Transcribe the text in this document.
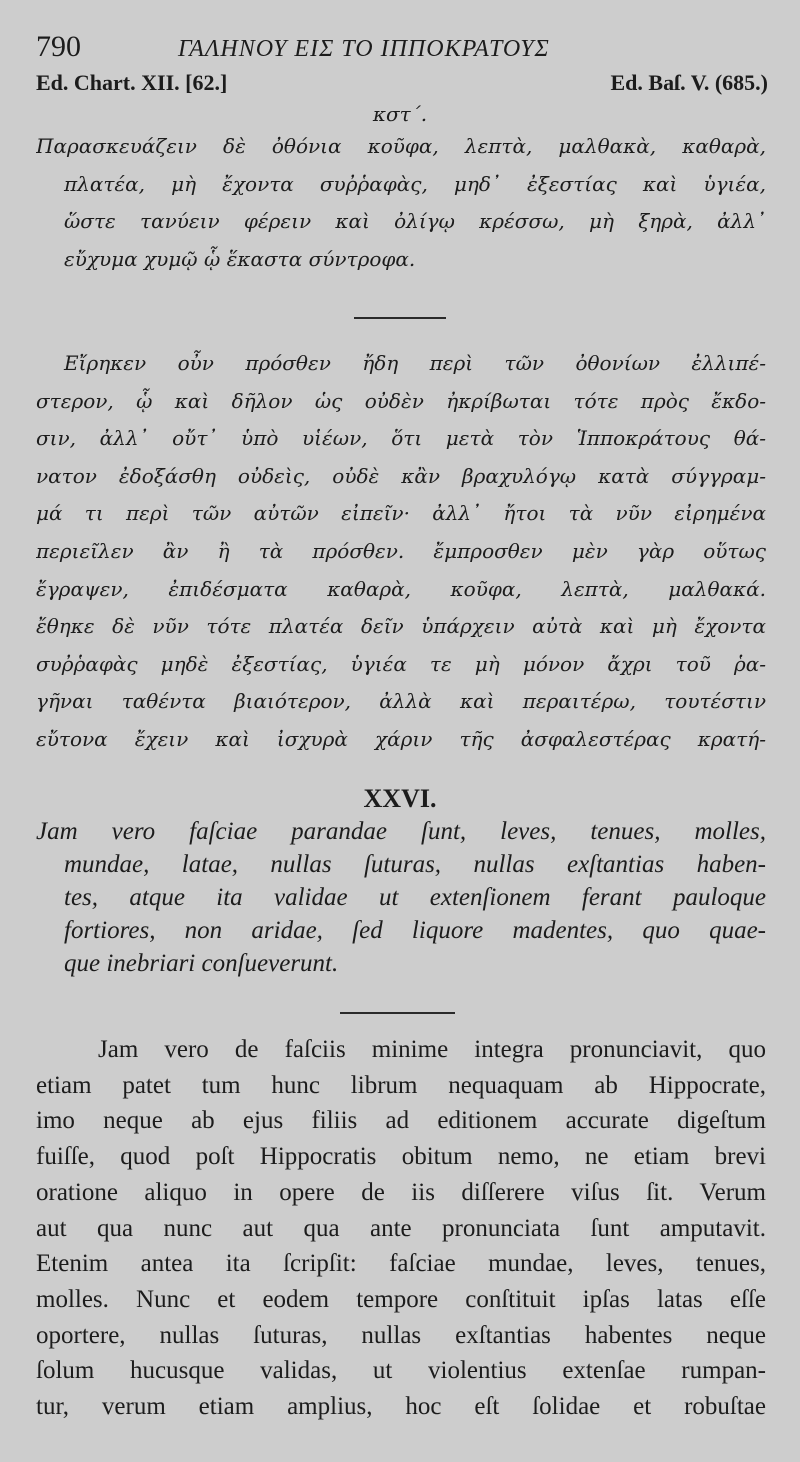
790	ΓΑΛΗΝΟΥ ΕΙΣ ΤΟ ΙΠΠΟΚΡΑΤΟΥΣ
Ed. Chart. XII. [62.]	Ed. Baſ. V. (685.)
κστ΄.
Παρασκευάζειν δὲ ὀθόνια κοῦφα, λεπτὰ, μαλθακὰ, καθαρὰ,
πλατέα, μὴ ἔχοντα συῤῥαφὰς, μηδ᾽ ἐξεστίας καὶ ὑγιέα,
ὥστε τανύειν φέρειν καὶ ὀλίγῳ κρέσσω, μὴ ξηρὰ, ἀλλ᾽
εὔχυμα χυμῷ ᾧ ἕκαστα σύντροφα.
Εἴρηκεν οὖν πρόσθεν ἤδη περὶ τῶν ὀθονίων ἐλλιπέ-
στερον, ᾧ καὶ δῆλον ὡς οὐδὲν ἠκρίβωται τότε πρὸς ἔκδο-
σιν, ἀλλ᾽ οὔτ᾽ ὑπὸ υἱέων, ὅτι μετὰ τὸν Ἱπποκράτους θά-
νατον ἐδοξάσθη οὐδεὶς, οὐδὲ κἂν βραχυλόγῳ κατὰ σύγγραμ-
μά τι περὶ τῶν αὐτῶν εἰπεῖν· ἀλλ᾽ ἤτοι τὰ νῦν εἰρημένα
περιεῖλεν ἂν ἢ τὰ πρόσθεν. ἔμπροσθεν μὲν γὰρ οὕτως
ἔγραψεν, ἐπιδέσματα καθαρὰ, κοῦφα, λεπτὰ, μαλθακά.
ἔθηκε δὲ νῦν τότε πλατέα δεῖν ὑπάρχειν αὐτὰ καὶ μὴ ἔχοντα
συῤῥαφὰς μηδὲ ἐξεστίας, ὑγιέα τε μὴ μόνον ἄχρι τοῦ ῥα-
γῆναι ταθέντα βιαιότερον, ἀλλὰ καὶ περαιτέρω, τουτέστιν
εὔτονα ἔχειν καὶ ἰσχυρὰ χάριν τῆς ἀσφαλεστέρας κρατή-
XXVI.
Jam vero faſciae parandae ſunt, leves, tenues, molles,
mundae, latae, nullas ſuturas, nullas exſtantias haben-
tes, atque ita validae ut extenſionem ferant pauloque
fortiores, non aridae, ſed liquore madentes, quo quae-
que inebriari conſueverunt.
Jam vero de faſciis minime integra pronunciavit, quo
etiam patet tum hunc librum nequaquam ab Hippocrate,
imo neque ab ejus filiis ad editionem accurate digeſtum
fuiſſe, quod poſt Hippocratis obitum nemo, ne etiam brevi
oratione aliquo in opere de iis diſſerere viſus ſit. Verum
aut qua nunc aut qua ante pronunciata ſunt amputavit.
Etenim antea ita ſcripſit: faſciae mundae, leves, tenues,
molles. Nunc et eodem tempore conſtituit ipſas latas eſſe
oportere, nullas ſuturas, nullas exſtantias habentes neque
ſolum hucusque validas, ut violentius extenſae rumpan-
tur, verum etiam amplius, hoc eſt ſolidae et robuſtae
